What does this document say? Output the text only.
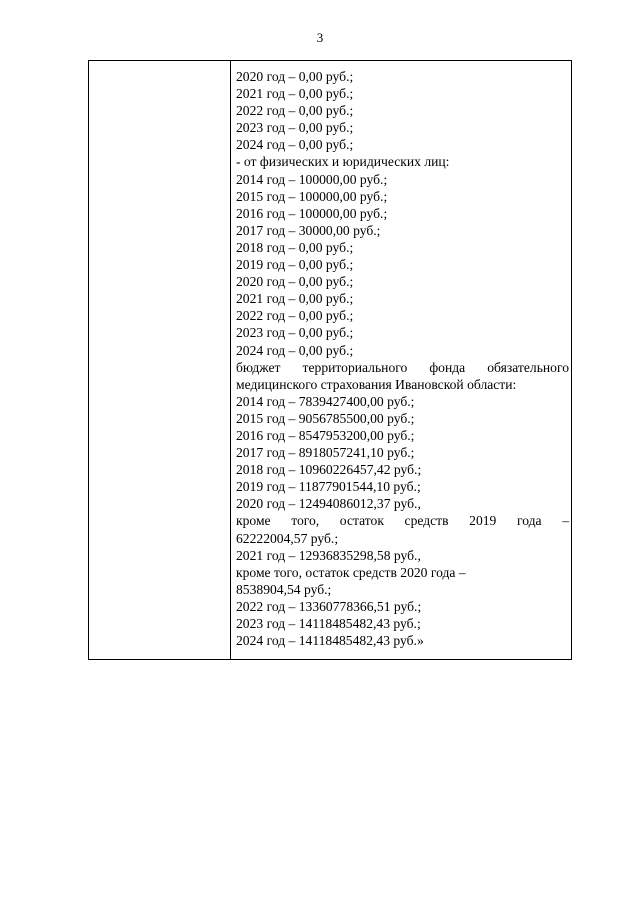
3
2020 год – 0,00 руб.;
2021 год – 0,00 руб.;
2022 год – 0,00 руб.;
2023 год – 0,00 руб.;
2024 год – 0,00 руб.;
- от физических и юридических лиц:
2014 год – 100000,00 руб.;
2015 год – 100000,00 руб.;
2016 год – 100000,00 руб.;
2017 год – 30000,00 руб.;
2018 год – 0,00 руб.;
2019 год – 0,00 руб.;
2020 год – 0,00 руб.;
2021 год – 0,00 руб.;
2022 год – 0,00 руб.;
2023 год – 0,00 руб.;
2024 год – 0,00 руб.;
бюджет территориального фонда обязательного
медицинского страхования Ивановской области:
2014 год – 7839427400,00 руб.;
2015 год – 9056785500,00 руб.;
2016 год – 8547953200,00 руб.;
2017 год – 8918057241,10 руб.;
2018 год – 10960226457,42 руб.;
2019 год – 11877901544,10 руб.;
2020 год – 12494086012,37 руб.,
кроме того, остаток средств 2019 года –
62222004,57 руб.;
2021 год – 12936835298,58 руб.,
кроме того, остаток средств 2020 года –
8538904,54 руб.;
2022 год – 13360778366,51 руб.;
2023 год – 14118485482,43 руб.;
2024 год – 14118485482,43 руб.»
